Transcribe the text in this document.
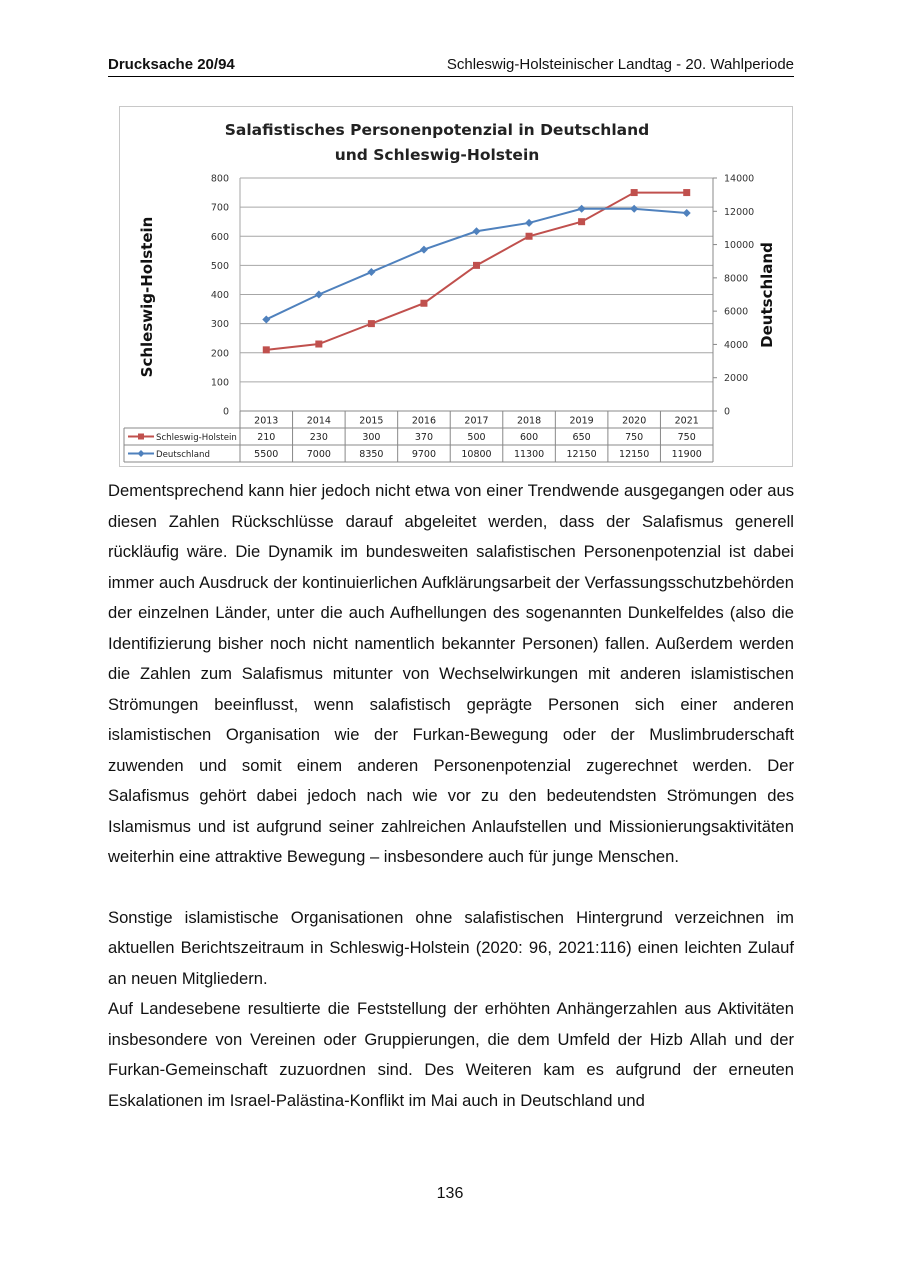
Drucksache 20/94	Schleswig-Holsteinischer Landtag - 20. Wahlperiode
Salafistisches Personenpotenzial in Deutschland
und Schleswig-Holstein
0
100
200
300
400
500
600
700
800
0
2000
4000
6000
8000
10000
12000
14000
Schleswig-Holstein	Deutschland
2013	2014	2015	2016	2017	2018	2019	2020	2021
Schleswig-Holstein 210	230	300	370	500	600	650	750	750
Deutschland	5500	7000	8350	9700	10800 11300 12150 12150 11900

Dementsprechend kann hier jedoch nicht etwa von einer Trendwende ausgegangen oder aus diesen Zahlen Rückschlüsse darauf abgeleitet werden, dass der Salafismus generell rückläufig wäre. Die Dynamik im bundesweiten salafistischen Personenpotenzial ist dabei immer auch Ausdruck der kontinuierlichen Aufklärungsarbeit der Verfassungsschutzbehörden der einzelnen Länder, unter die auch Aufhellungen des sogenannten Dunkelfeldes (also die Identifizierung bisher noch nicht namentlich bekannter Personen) fallen. Außerdem werden die Zahlen zum Salafismus mitunter von Wechselwirkungen mit anderen islamistischen Strömungen beeinflusst, wenn salafistisch geprägte Personen sich einer anderen islamistischen Organisation wie der Furkan-Bewegung oder der Muslimbruderschaft zuwenden und somit einem anderen Personenpotenzial zugerechnet werden. Der Salafismus gehört dabei jedoch nach wie vor zu den bedeutendsten Strömungen des Islamismus und ist aufgrund seiner zahlreichen Anlaufstellen und Missionierungsaktivitäten weiterhin eine attraktive Bewegung – insbesondere auch für junge Menschen.

Sonstige islamistische Organisationen ohne salafistischen Hintergrund verzeichnen im aktuellen Berichtszeitraum in Schleswig-Holstein (2020: 96, 2021:116) einen leichten Zulauf an neuen Mitgliedern.

Auf Landesebene resultierte die Feststellung der erhöhten Anhängerzahlen aus Aktivitäten insbesondere von Vereinen oder Gruppierungen, die dem Umfeld der Hizb Allah und der Furkan-Gemeinschaft zuzuordnen sind. Des Weiteren kam es aufgrund der erneuten Eskalationen im Israel-Palästina-Konflikt im Mai auch in Deutschland und

136
